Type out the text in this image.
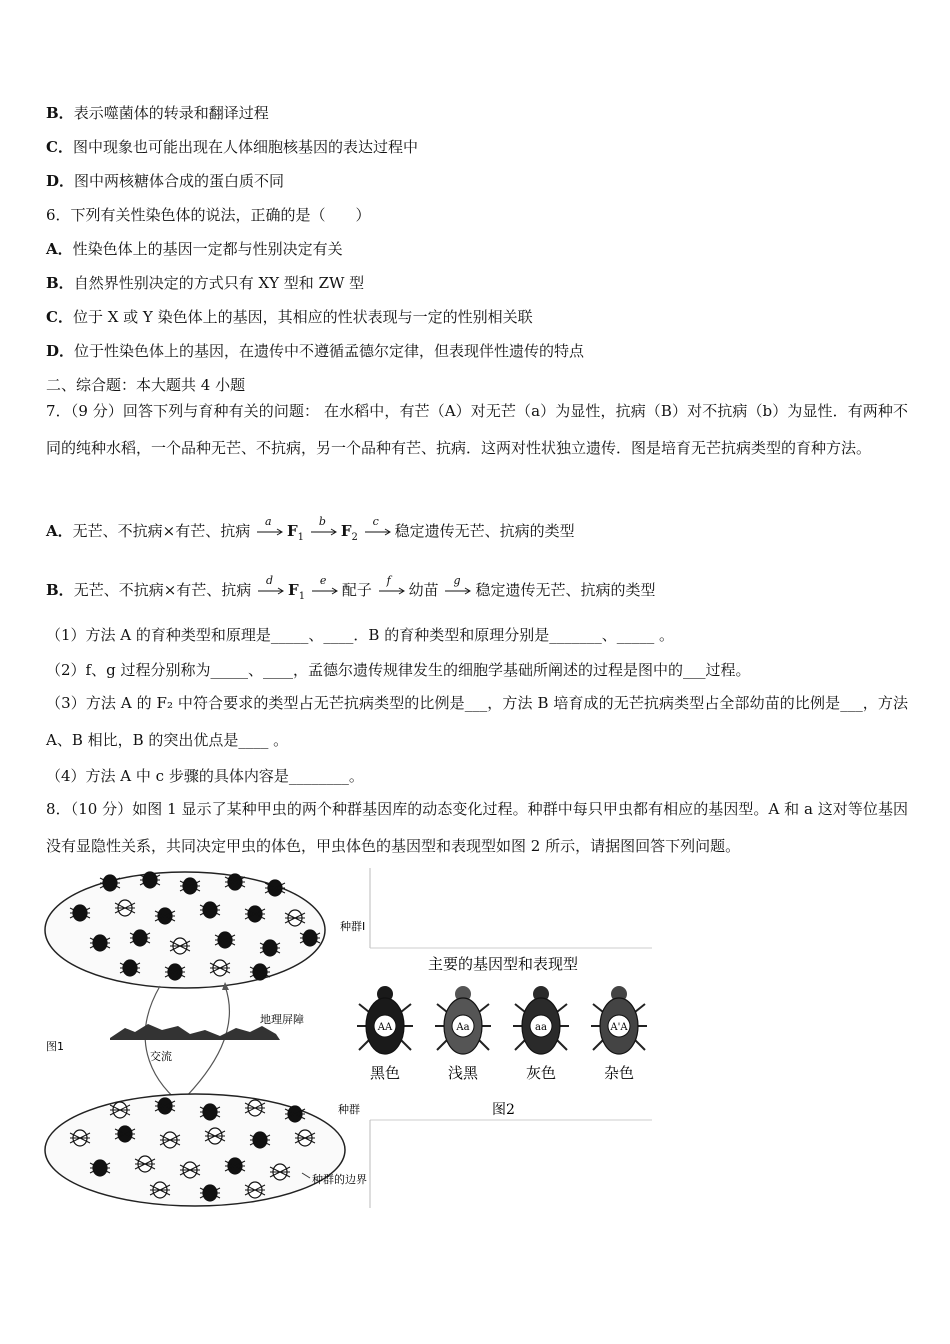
B．表示噬菌体的转录和翻译过程
C．图中现象也可能出现在人体细胞核基因的表达过程中
D．图中两核糖体合成的蛋白质不同
6．下列有关性染色体的说法，正确的是（　　）
A．性染色体上的基因一定都与性别决定有关
B．自然界性别决定的方式只有 XY 型和 ZW 型
C．位于 X 或 Y 染色体上的基因，其相应的性状表现与一定的性别相关联
D．位于性染色体上的基因，在遗传中不遵循孟德尔定律，但表现伴性遗传的特点
二、综合题：本大题共 4 小题
7．（9 分）回答下列与育种有关的问题： 在水稻中，有芒（A）对无芒（a）为显性，抗病（B）对不抗病（b）为显性．有两种不同的纯种水稻，一个品种无芒、不抗病，另一个品种有芒、抗病．这两对性状独立遗传．图是培育无芒抗病类型的育种方法。
A．无芒、不抗病×有芒、抗病
a
$F_1$
b
$F_2$
c
稳定遗传无芒、抗病的类型
B．无芒、不抗病×有芒、抗病
d
$F_1$
e
配子
f
幼苗
g
稳定遗传无芒、抗病的类型
（1）方法 A 的育种类型和原理是_____、____．B 的育种类型和原理分别是_______、_____ 。
（2）f、g 过程分别称为_____、____，孟德尔遗传规律发生的细胞学基础所阐述的过程是图中的___过程。
（3）方法 A 的 F₂ 中符合要求的类型占无芒抗病类型的比例是___，方法 B 培育成的无芒抗病类型占全部幼苗的比例是___，方法 A、B 相比，B 的突出优点是____ 。
（4）方法 A 中 c 步骤的具体内容是________。
8．（10 分）如图 1 显示了某种甲虫的两个种群基因库的动态变化过程。种群中每只甲虫都有相应的基因型。A 和 a 这对等位基因没有显隐性关系，共同决定甲虫的体色，甲虫体色的基因型和表现型如图 2 所示，请据图回答下列问题。
种群Ⅰ
地理屏障
图1
交流
种群
种群的边界
主要的基因型和表现型
AA
黑色
Aa
浅黑
aa
灰色
A'A
杂色
图2
